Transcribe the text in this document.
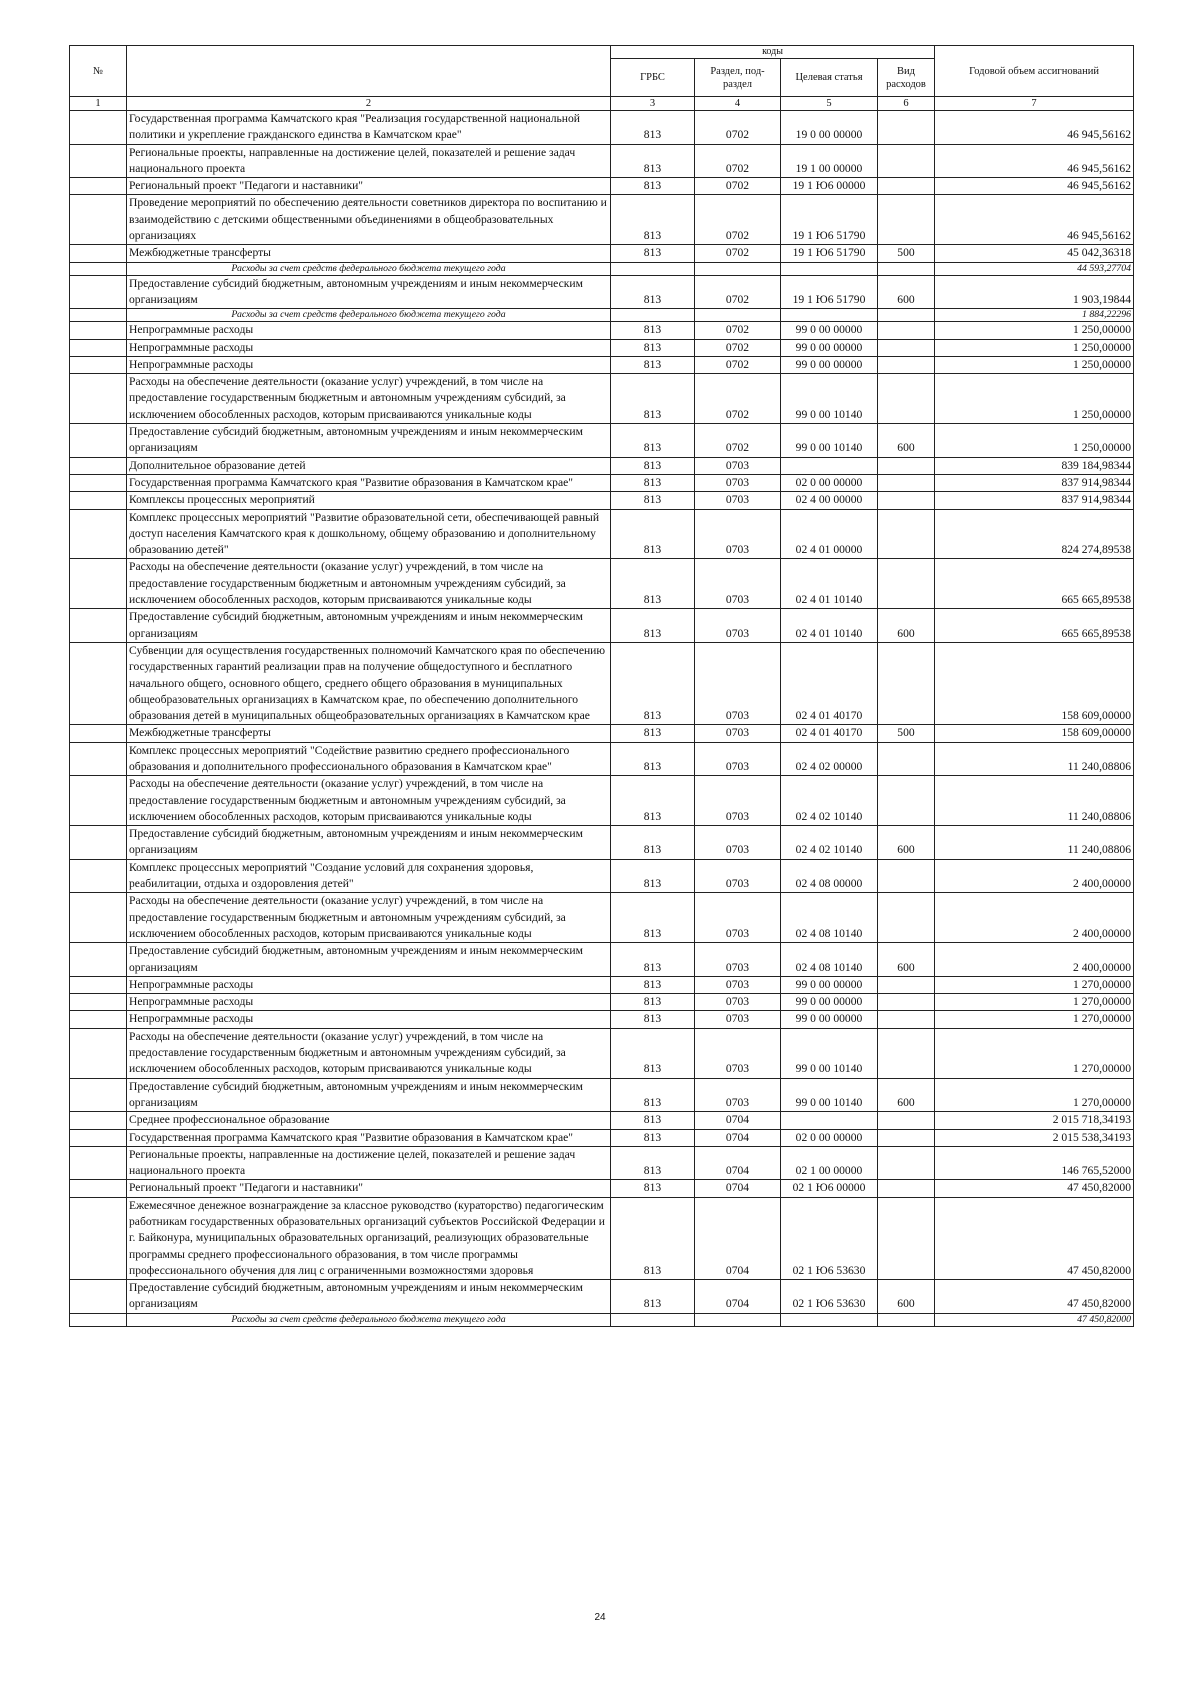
№		коды				Годовой объем ассигнований
		ГРБС	Раздел, под-раздел	Целевая статья	Вид расходов	
1	2	3	4	5	6	7
	Государственная программа Камчатского края "Реализация государственной национальной политики и укрепление гражданского единства в Камчатском крае"	813	0702	19 0 00 00000		46 945,56162
	Региональные проекты, направленные на достижение целей, показателей и решение задач национального проекта	813	0702	19 1 00 00000		46 945,56162
	Региональный проект "Педагоги и наставники"	813	0702	19 1 Ю6 00000		46 945,56162
	Проведение мероприятий по обеспечению деятельности советников директора по воспитанию и взаимодействию с детскими общественными объединениями в общеобразовательных организациях	813	0702	19 1 Ю6 51790		46 945,56162
	Межбюджетные трансферты	813	0702	19 1 Ю6 51790	500	45 042,36318
	Расходы за счет средств федерального бюджета текущего года					44 593,27704
	Предоставление субсидий бюджетным, автономным учреждениям и иным некоммерческим организациям	813	0702	19 1 Ю6 51790	600	1 903,19844
	Расходы за счет средств федерального бюджета текущего года					1 884,22296
	Непрограммные расходы	813	0702	99 0 00 00000		1 250,00000
	Непрограммные расходы	813	0702	99 0 00 00000		1 250,00000
	Непрограммные расходы	813	0702	99 0 00 00000		1 250,00000
	Расходы на обеспечение деятельности (оказание услуг) учреждений, в том числе на предоставление государственным бюджетным и автономным учреждениям субсидий, за исключением обособленных расходов, которым присваиваются уникальные коды	813	0702	99 0 00 10140		1 250,00000
	Предоставление субсидий бюджетным, автономным учреждениям и иным некоммерческим организациям	813	0702	99 0 00 10140	600	1 250,00000
	Дополнительное образование детей	813	0703			839 184,98344
	Государственная программа Камчатского края "Развитие образования в Камчатском крае"	813	0703	02 0 00 00000		837 914,98344
	Комплексы процессных мероприятий	813	0703	02 4 00 00000		837 914,98344
	Комплекс процессных мероприятий "Развитие образовательной сети, обеспечивающей равный доступ населения Камчатского края к дошкольному, общему образованию и дополнительному образованию детей"	813	0703	02 4 01 00000		824 274,89538
	Расходы на обеспечение деятельности (оказание услуг) учреждений, в том числе на предоставление государственным бюджетным и автономным учреждениям субсидий, за исключением обособленных расходов, которым присваиваются уникальные коды	813	0703	02 4 01 10140		665 665,89538
	Предоставление субсидий бюджетным, автономным учреждениям и иным некоммерческим организациям	813	0703	02 4 01 10140	600	665 665,89538
	Субвенции для осуществления государственных полномочий Камчатского края по обеспечению государственных гарантий реализации прав на получение общедоступного и бесплатного начального общего, основного общего, среднего общего образования в муниципальных общеобразовательных организациях в Камчатском крае, по обеспечению дополнительного образования детей в муниципальных общеобразовательных организациях в Камчатском крае	813	0703	02 4 01 40170		158 609,00000
	Межбюджетные трансферты	813	0703	02 4 01 40170	500	158 609,00000
	Комплекс процессных мероприятий "Содействие развитию среднего профессионального образования и дополнительного профессионального образования в Камчатском крае"	813	0703	02 4 02 00000		11 240,08806
	Расходы на обеспечение деятельности (оказание услуг) учреждений, в том числе на предоставление государственным бюджетным и автономным учреждениям субсидий, за исключением обособленных расходов, которым присваиваются уникальные коды	813	0703	02 4 02 10140		11 240,08806
	Предоставление субсидий бюджетным, автономным учреждениям и иным некоммерческим организациям	813	0703	02 4 02 10140	600	11 240,08806
	Комплекс процессных мероприятий "Создание условий для сохранения здоровья, реабилитации, отдыха и оздоровления детей"	813	0703	02 4 08 00000		2 400,00000
	Расходы на обеспечение деятельности (оказание услуг) учреждений, в том числе на предоставление государственным бюджетным и автономным учреждениям субсидий, за исключением обособленных расходов, которым присваиваются уникальные коды	813	0703	02 4 08 10140		2 400,00000
	Предоставление субсидий бюджетным, автономным учреждениям и иным некоммерческим организациям	813	0703	02 4 08 10140	600	2 400,00000
	Непрограммные расходы	813	0703	99 0 00 00000		1 270,00000
	Непрограммные расходы	813	0703	99 0 00 00000		1 270,00000
	Непрограммные расходы	813	0703	99 0 00 00000		1 270,00000
	Расходы на обеспечение деятельности (оказание услуг) учреждений, в том числе на предоставление государственным бюджетным и автономным учреждениям субсидий, за исключением обособленных расходов, которым присваиваются уникальные коды	813	0703	99 0 00 10140		1 270,00000
	Предоставление субсидий бюджетным, автономным учреждениям и иным некоммерческим организациям	813	0703	99 0 00 10140	600	1 270,00000
	Среднее профессиональное образование	813	0704			2 015 718,34193
	Государственная программа Камчатского края "Развитие образования в Камчатском крае"	813	0704	02 0 00 00000		2 015 538,34193
	Региональные проекты, направленные на достижение целей, показателей и решение задач национального проекта	813	0704	02 1 00 00000		146 765,52000
	Региональный проект "Педагоги и наставники"	813	0704	02 1 Ю6 00000		47 450,82000
	Ежемесячное денежное вознаграждение за классное руководство (кураторство) педагогическим работникам государственных образовательных организаций субъектов Российской Федерации и г. Байконура, муниципальных образовательных организаций, реализующих образовательные программы среднего профессионального образования, в том числе программы профессионального обучения для лиц с ограниченными возможностями здоровья	813	0704	02 1 Ю6 53630		47 450,82000
	Предоставление субсидий бюджетным, автономным учреждениям и иным некоммерческим организациям	813	0704	02 1 Ю6 53630	600	47 450,82000
	Расходы за счет средств федерального бюджета текущего года					47 450,82000
24
